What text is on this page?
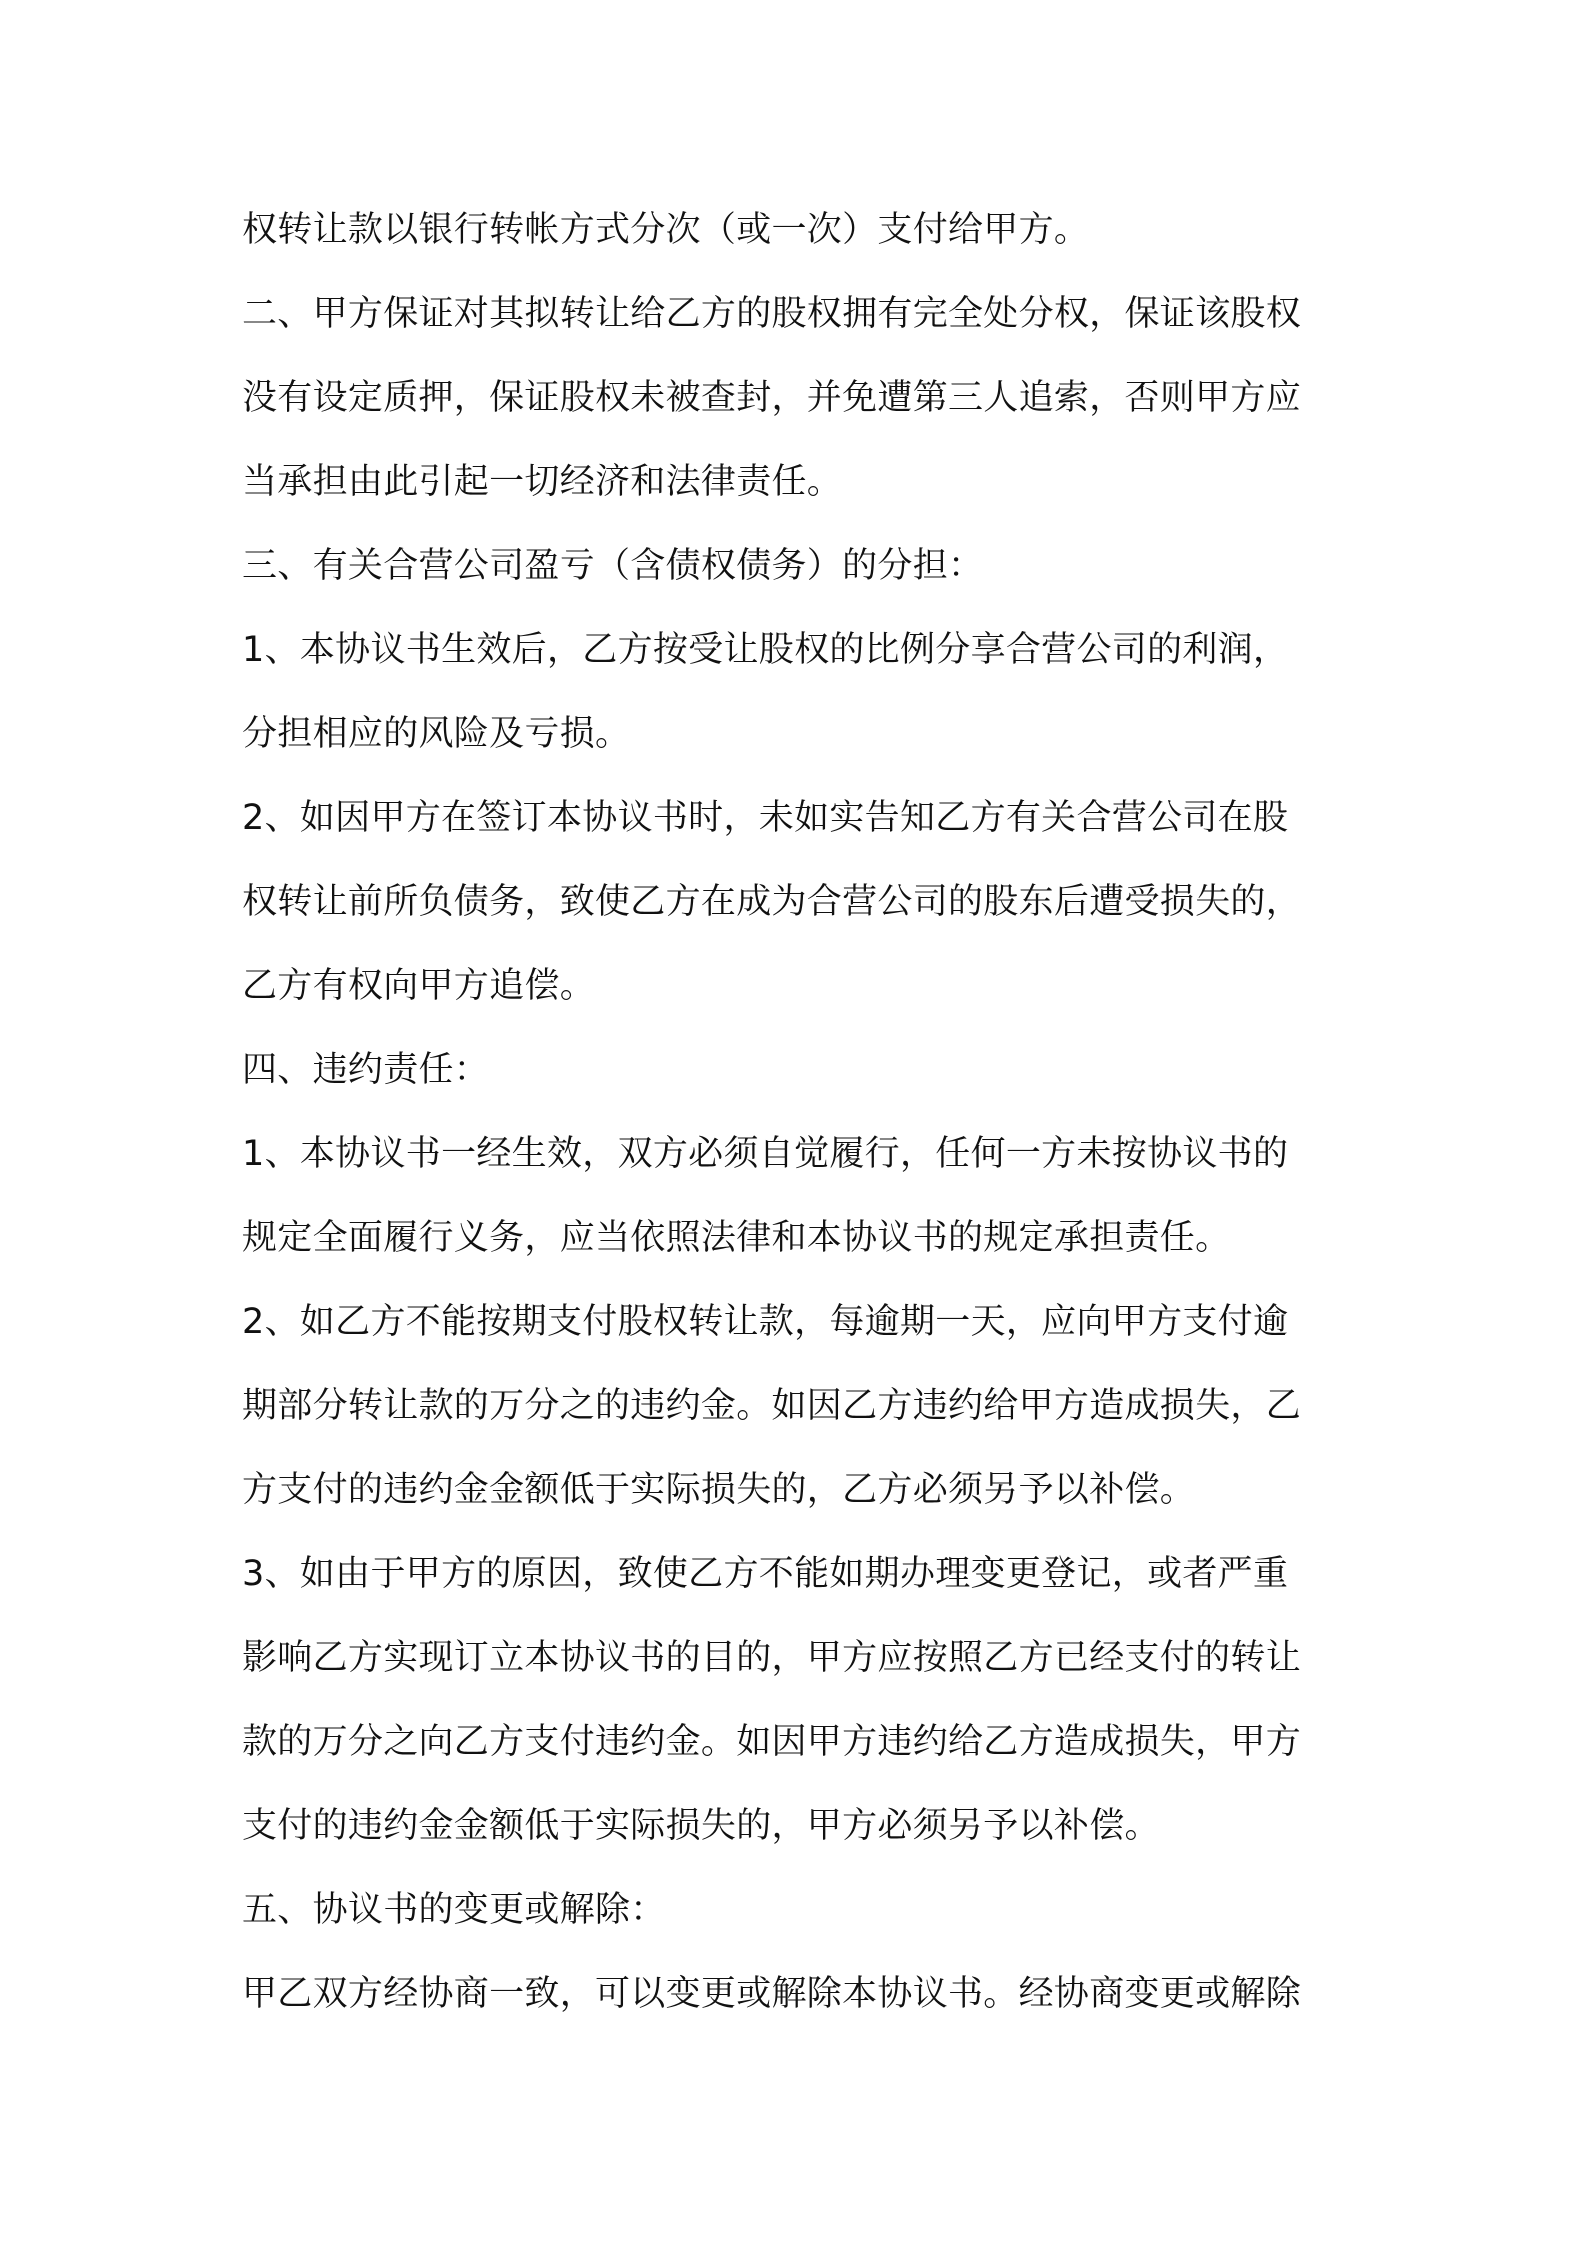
权转让款以银行转帐方式分次（或一次）支付给甲方。
二、甲方保证对其拟转让给乙方的股权拥有完全处分权，保证该股权
没有设定质押，保证股权未被查封，并免遭第三人追索，否则甲方应
当承担由此引起一切经济和法律责任。
三、有关合营公司盈亏（含债权债务）的分担：
1、本协议书生效后，乙方按受让股权的比例分享合营公司的利润，
分担相应的风险及亏损。
2、如因甲方在签订本协议书时，未如实告知乙方有关合营公司在股
权转让前所负债务，致使乙方在成为合营公司的股东后遭受损失的，
乙方有权向甲方追偿。
四、违约责任：
1、本协议书一经生效，双方必须自觉履行，任何一方未按协议书的
规定全面履行义务，应当依照法律和本协议书的规定承担责任。
2、如乙方不能按期支付股权转让款，每逾期一天，应向甲方支付逾
期部分转让款的万分之的违约金。如因乙方违约给甲方造成损失，乙
方支付的违约金金额低于实际损失的，乙方必须另予以补偿。
3、如由于甲方的原因，致使乙方不能如期办理变更登记，或者严重
影响乙方实现订立本协议书的目的，甲方应按照乙方已经支付的转让
款的万分之向乙方支付违约金。如因甲方违约给乙方造成损失，甲方
支付的违约金金额低于实际损失的，甲方必须另予以补偿。
五、协议书的变更或解除：
甲乙双方经协商一致，可以变更或解除本协议书。经协商变更或解除
